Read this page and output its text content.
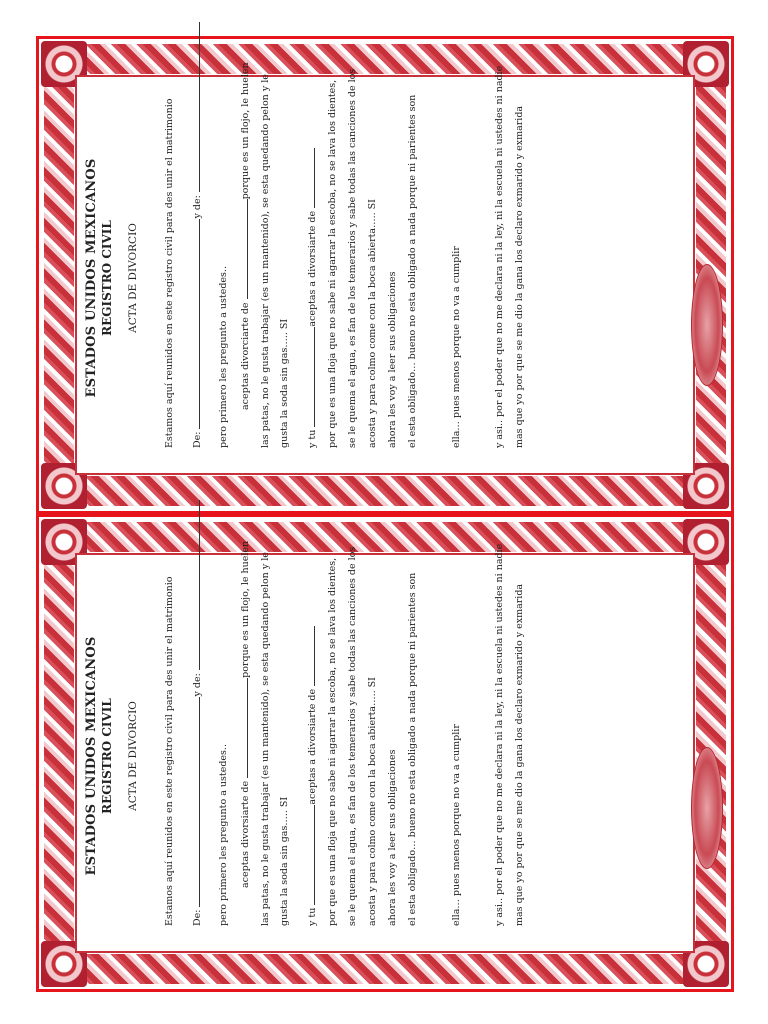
ESTADOS UNIDOS MEXICANOS REGISTRO CIVIL ACTA DE DIVORCIO	Estamos aquí reunidos en este registro civil para des unir el matrimonio De: y de:
pero primero les pregunto a ustedes.. aceptas divorciarte de porque es un flojo, le huelen las patas, no le gusta trabajar (es un mantenido), se esta quedando pelon y le gusta la soda sin gas….. SI y tu aceptas a divorsiarte de por que es una floja que no sabe ni agarrar la escoba, no se lava los dientes, se le quema el agua, es fan de los temerarios y sabe todas las canciones de los acosta y para colmo come con la boca abierta….. SI ahora les voy a leer sus obligaciones el esta obligado… bueno no esta obligado a nada porque ni parientes son	ella… pues menos porque no va a cumplir	y asi.. por el poder que no me declara ni la ley, ni la escuela ni ustedes ni nadie mas que yo por que se me dio la gana los declaro exmarido y exmarida
ESTADOS UNIDOS MEXICANOS REGISTRO CIVIL ACTA DE DIVORCIO	Estamos aquí reunidos en este registro civil para des unir el matrimonio De: y de:
pero primero les pregunto a ustedes.. aceptas divorsiarte de porque es un flojo, le huelen las patas, no le gusta trabajar (es un mantenido), se esta quedando pelon y le gusta la soda sin gas….. SI y tu aceptas a divorsiarte de por que es una floja que no sabe ni agarrar la escoba, no se lava los dientes, se le quema el agua, es fan de los temerarios y sabe todas las canciones de los acosta y para colmo come con la boca abierta….. SI ahora les voy a leer sus obligaciones el esta obligado… bueno no esta obligado a nada porque ni parientes son	ella… pues menos porque no va a cumplir	y asi.. por el poder que no me declara ni la ley, ni la escuela ni ustedes ni nadie mas que yo por que se me dio la gana los declaro exmarido y exmarida
